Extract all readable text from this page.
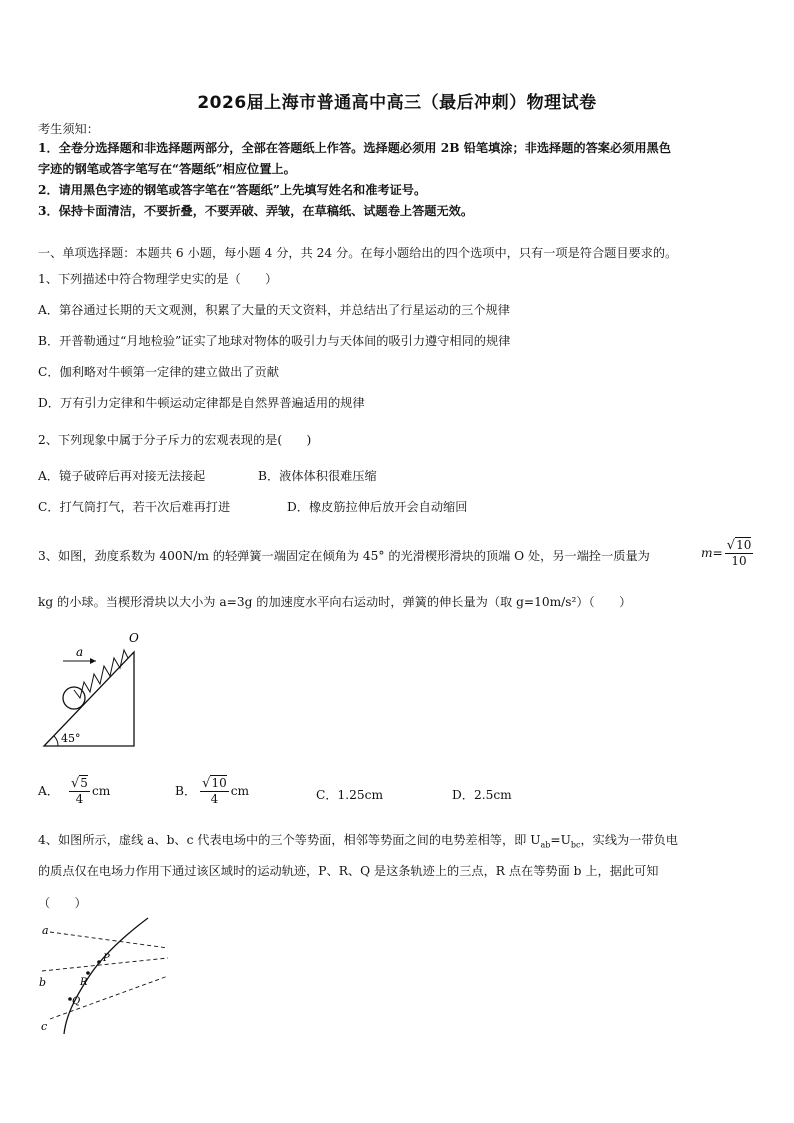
2026届上海市普通高中高三（最后冲刺）物理试卷
考生须知：
1．全卷分选择题和非选择题两部分，全部在答题纸上作答。选择题必须用 2B 铅笔填涂；非选择题的答案必须用黑色
字迹的钢笔或答字笔写在“答题纸”相应位置上。
2．请用黑色字迹的钢笔或答字笔在“答题纸”上先填写姓名和准考证号。
3．保持卡面清洁，不要折叠，不要弄破、弄皱，在草稿纸、试题卷上答题无效。
一、单项选择题：本题共 6 小题，每小题 4 分，共 24 分。在每小题给出的四个选项中，只有一项是符合题目要求的。
1、下列描述中符合物理学史实的是（　　）
A．第谷通过长期的天文观测，积累了大量的天文资料，并总结出了行星运动的三个规律
B．开普勒通过“月地检验”证实了地球对物体的吸引力与天体间的吸引力遵守相同的规律
C．伽利略对牛顿第一定律的建立做出了贡献
D．万有引力定律和牛顿运动定律都是自然界普遍适用的规律
2、下列现象中属于分子斥力的宏观表现的是(　　)
A．镜子破碎后再对接无法接起	B．液体体积很难压缩
C．打气筒打气，若干次后难再打进	D．橡皮筋拉伸后放开会自动缩回
3、如图，劲度系数为 400N/m 的轻弹簧一端固定在倾角为 45° 的光滑楔形滑块的顶端 O 处，另一端拴一质量为	$m= \frac{√10}{10}$
kg 的小球。当楔形滑块以大小为 a=3g 的加速度水平向右运动时，弹簧的伸长量为（取 g=10m/s²）（　　）
O
a
45°
A． $\frac{√5}{4}$ cm	B． $\frac{√10}{4}$ cm	C．1.25cm	D．2.5cm
4、如图所示，虚线 a、b、c 代表电场中的三个等势面，相邻等势面之间的电势差相等，即 $U_{ab}=U_{bc}$，实线为一带负电
的质点仅在电场力作用下通过该区域时的运动轨迹，P、R、Q 是这条轨迹上的三点，R 点在等势面 b 上，据此可知
（　　）
a
b
c
P
R
Q
